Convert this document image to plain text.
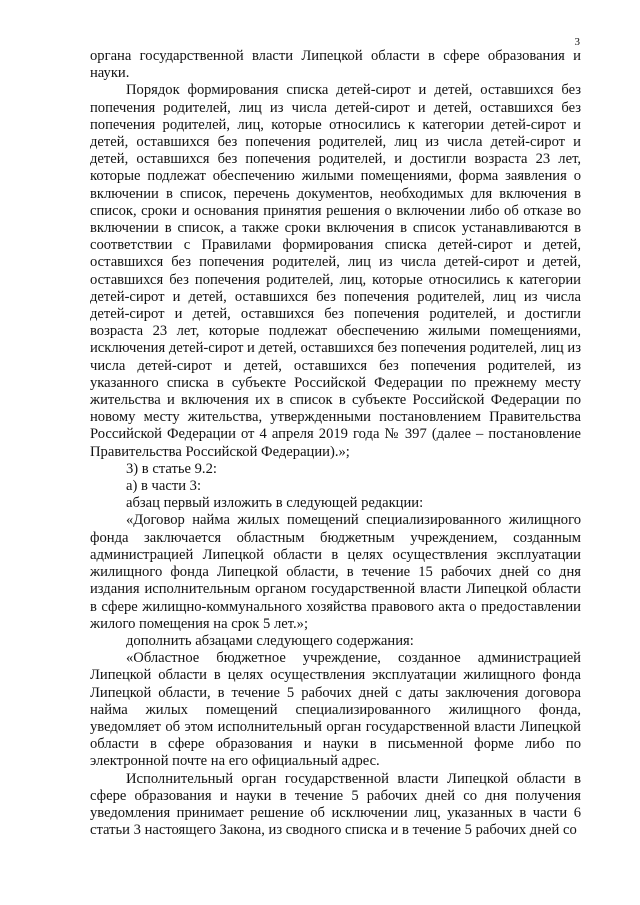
3

органа государственной власти Липецкой области в сфере образования и науки.

Порядок формирования списка детей-сирот и детей, оставшихся без попечения родителей, лиц из числа детей-сирот и детей, оставшихся без попечения родителей, лиц, которые относились к категории детей-сирот и детей, оставшихся без попечения родителей, лиц из числа детей-сирот и детей, оставшихся без попечения родителей, и достигли возраста 23 лет, которые подлежат обеспечению жилыми помещениями, форма заявления о включении в список, перечень документов, необходимых для включения в список, сроки и основания принятия решения о включении либо об отказе во включении в список, а также сроки включения в список устанавливаются в соответствии с Правилами формирования списка детей-сирот и детей, оставшихся без попечения родителей, лиц из числа детей-сирот и детей, оставшихся без попечения родителей, лиц, которые относились к категории детей-сирот и детей, оставшихся без попечения родителей, лиц из числа детей-сирот и детей, оставшихся без попечения родителей, и достигли возраста 23 лет, которые подлежат обеспечению жилыми помещениями, исключения детей-сирот и детей, оставшихся без попечения родителей, лиц из числа детей-сирот и детей, оставшихся без попечения родителей, из указанного списка в субъекте Российской Федерации по прежнему месту жительства и включения их в список в субъекте Российской Федерации по новому месту жительства, утвержденными постановлением Правительства Российской Федерации от 4 апреля 2019 года № 397 (далее – постановление Правительства Российской Федерации).»;

3) в статье 9.2:

а) в части 3:

абзац первый изложить в следующей редакции:

«Договор найма жилых помещений специализированного жилищного фонда заключается областным бюджетным учреждением, созданным администрацией Липецкой области в целях осуществления эксплуатации жилищного фонда Липецкой области, в течение 15 рабочих дней со дня издания исполнительным органом государственной власти Липецкой области в сфере жилищно-коммунального хозяйства правового акта о предоставлении жилого помещения на срок 5 лет.»;

дополнить абзацами следующего содержания:

«Областное бюджетное учреждение, созданное администрацией Липецкой области в целях осуществления эксплуатации жилищного фонда Липецкой области, в течение 5 рабочих дней с даты заключения договора найма жилых помещений специализированного жилищного фонда, уведомляет об этом исполнительный орган государственной власти Липецкой области в сфере образования и науки в письменной форме либо по электронной почте на его официальный адрес.

Исполнительный орган государственной власти Липецкой области в сфере образования и науки в течение 5 рабочих дней со дня получения уведомления принимает решение об исключении лиц, указанных в части 6 статьи 3 настоящего Закона, из сводного списка и в течение 5 рабочих дней со
